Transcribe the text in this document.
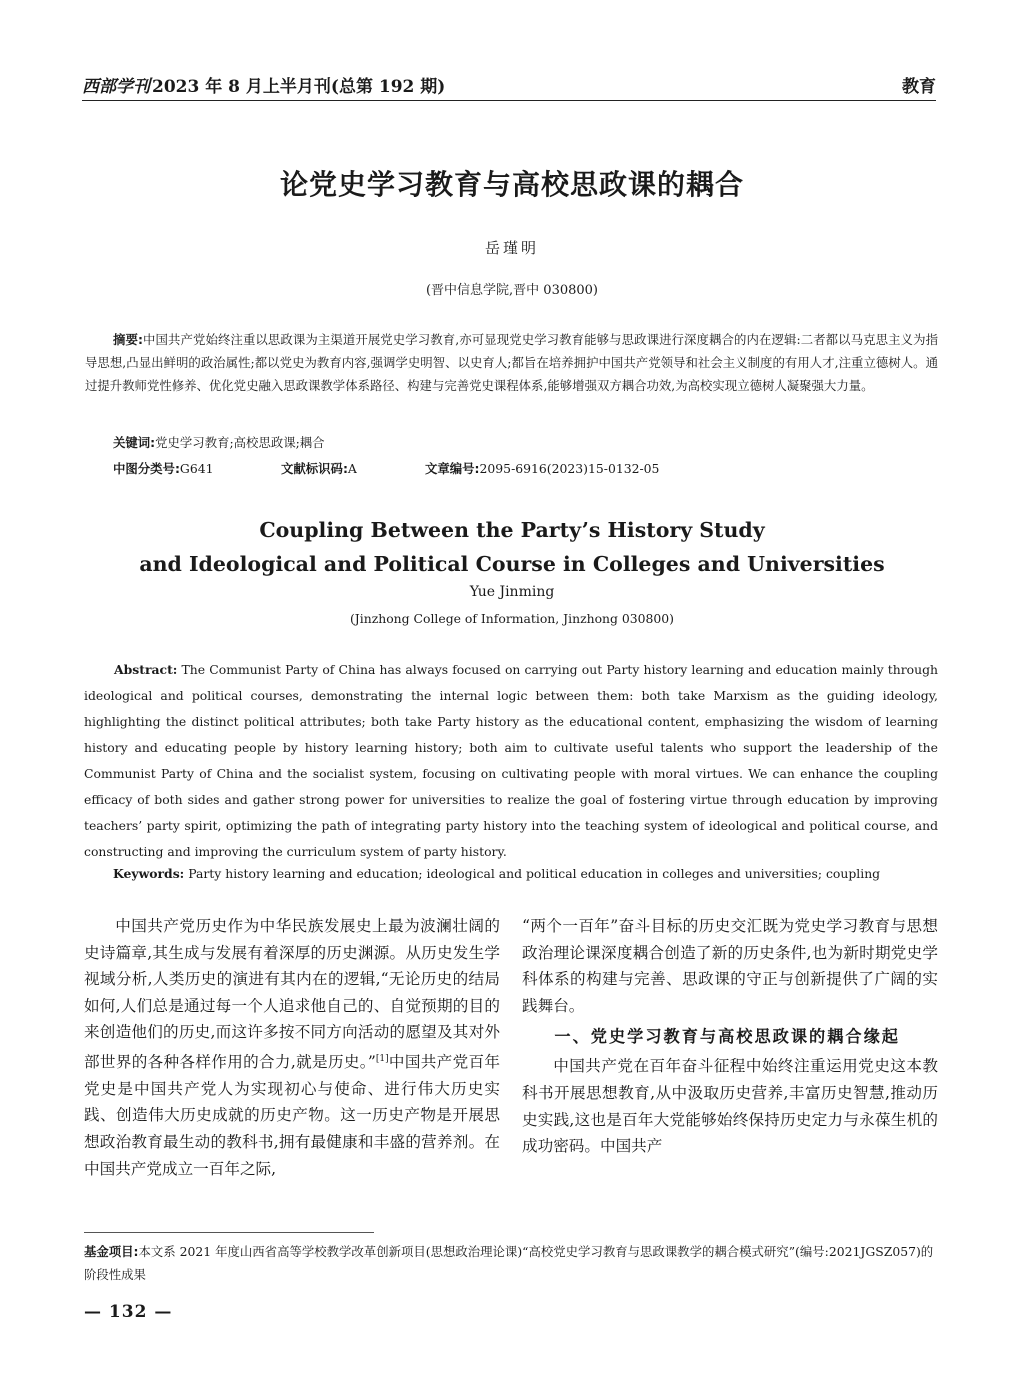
西部学刊 2023 年 8 月上半月刊(总第 192 期)	教育
论党史学习教育与高校思政课的耦合
岳瑾明
(晋中信息学院,晋中 030800)
摘要:中国共产党始终注重以思政课为主渠道开展党史学习教育,亦可显现党史学习教育能够与思政课进行深度耦合的内在逻辑:二者都以马克思主义为指导思想,凸显出鲜明的政治属性;都以党史为教育内容,强调学史明智、以史育人;都旨在培养拥护中国共产党领导和社会主义制度的有用人才,注重立德树人。通过提升教师党性修养、优化党史融入思政课教学体系路径、构建与完善党史课程体系,能够增强双方耦合功效,为高校实现立德树人凝聚强大力量。
关键词:党史学习教育;高校思政课;耦合
中图分类号:G641	文献标识码:A	文章编号:2095-6916(2023)15-0132-05
Coupling Between the Party’s History Study
and Ideological and Political Course in Colleges and Universities
Yue Jinming
(Jinzhong College of Information, Jinzhong 030800)
Abstract: The Communist Party of China has always focused on carrying out Party history learning and education mainly through ideological and political courses, demonstrating the internal logic between them: both take Marxism as the guiding ideology, highlighting the distinct political attributes; both take Party history as the educational content, emphasizing the wisdom of learning history and educating people by history learning history; both aim to cultivate useful talents who support the leadership of the Communist Party of China and the socialist system, focusing on cultivating people with moral virtues. We can enhance the coupling efficacy of both sides and gather strong power for universities to realize the goal of fostering virtue through education by improving teachers’ party spirit, optimizing the path of integrating party history into the teaching system of ideological and political course, and constructing and improving the curriculum system of party history.
Keywords: Party history learning and education; ideological and political education in colleges and universities; coupling

中国共产党历史作为中华民族发展史上最为波澜壮阔的史诗篇章,其生成与发展有着深厚的历史渊源。从历史发生学视域分析,人类历史的演进有其内在的逻辑,“无论历史的结局如何,人们总是通过每一个人追求他自己的、自觉预期的目的来创造他们的历史,而这许多按不同方向活动的愿望及其对外部世界的各种各样作用的合力,就是历史。”[1]中国共产党百年党史是中国共产党人为实现初心与使命、进行伟大历史实践、创造伟大历史成就的历史产物。这一历史产物是开展思想政治教育最生动的教科书,拥有最健康和丰盛的营养剂。在中国共产党成立一百年之际,

“两个一百年”奋斗目标的历史交汇既为党史学习教育与思想政治理论课深度耦合创造了新的历史条件,也为新时期党史学科体系的构建与完善、思政课的守正与创新提供了广阔的实践舞台。

一、党史学习教育与高校思政课的耦合缘起

中国共产党在百年奋斗征程中始终注重运用党史这本教科书开展思想教育,从中汲取历史营养,丰富历史智慧,推动历史实践,这也是百年大党能够始终保持历史定力与永葆生机的成功密码。中国共产

基金项目:本文系 2021 年度山西省高等学校教学改革创新项目(思想政治理论课)“高校党史学习教育与思政课教学的耦合模式研究”(编号:2021JGSZ057)的阶段性成果
— 132 —
